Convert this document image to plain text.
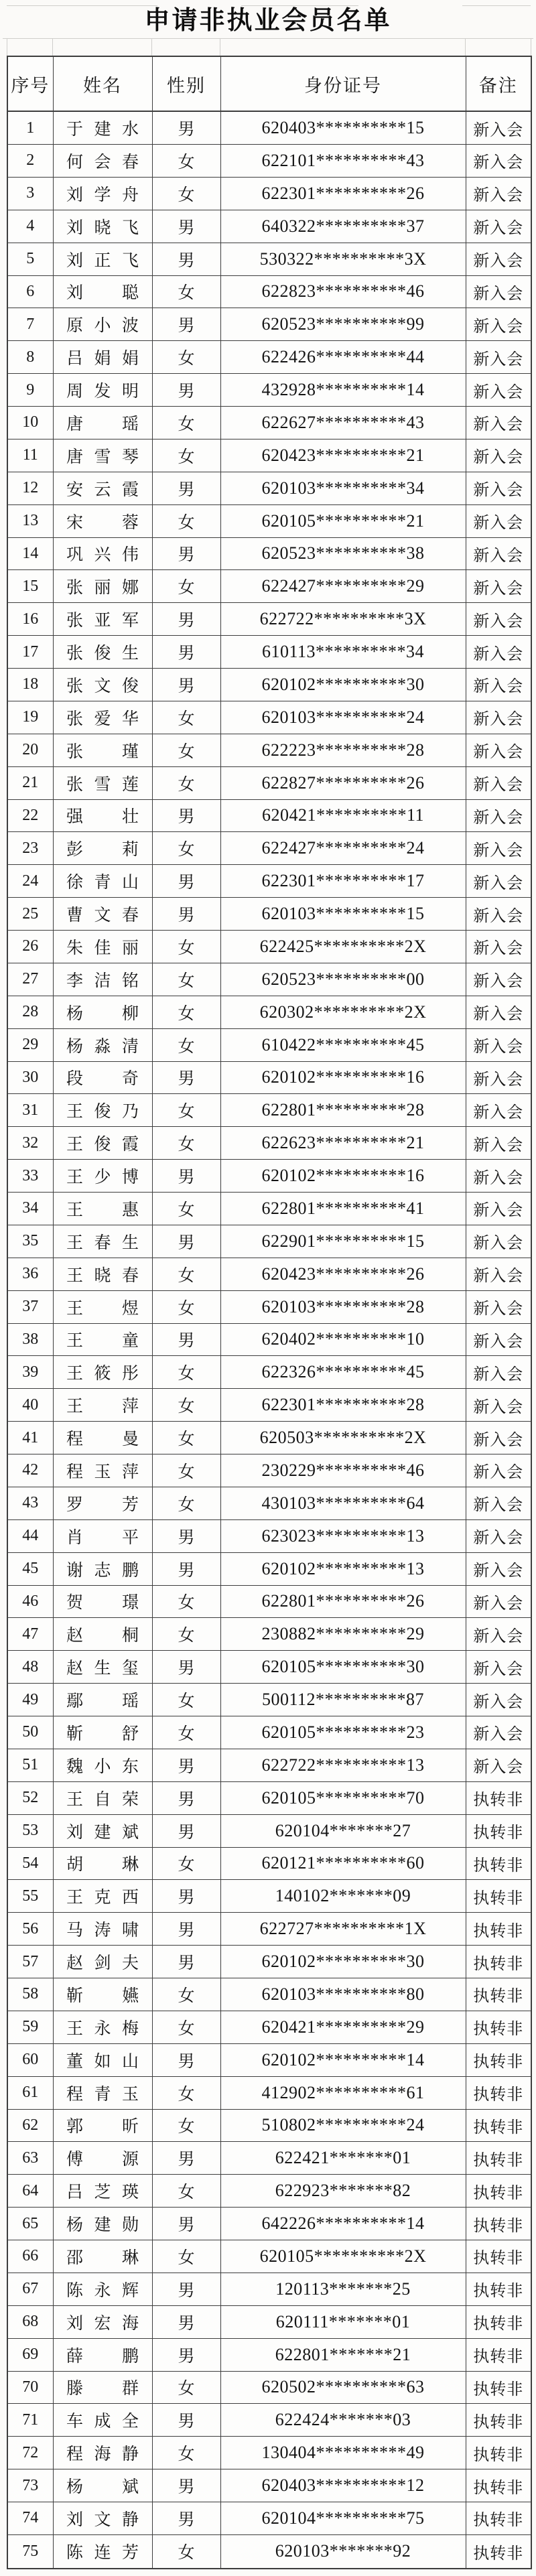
申请非执业会员名单
序号	姓名	性别	身份证号	备注
1	于建水	男	620403**********15	新入会
2	何会春	女	622101**********43	新入会
3	刘学舟	女	622301**********26	新入会
4	刘晓飞	男	640322**********37	新入会
5	刘正飞	男	530322**********3X	新入会
6	刘聪	女	622823**********46	新入会
7	原小波	男	620523**********99	新入会
8	吕娟娟	女	622426**********44	新入会
9	周发明	男	432928**********14	新入会
10	唐瑶	女	622627**********43	新入会
11	唐雪琴	女	620423**********21	新入会
12	安云霞	男	620103**********34	新入会
13	宋蓉	女	620105**********21	新入会
14	巩兴伟	男	620523**********38	新入会
15	张丽娜	女	622427**********29	新入会
16	张亚军	男	622722**********3X	新入会
17	张俊生	男	610113**********34	新入会
18	张文俊	男	620102**********30	新入会
19	张爱华	女	620103**********24	新入会
20	张瑾	女	622223**********28	新入会
21	张雪莲	女	622827**********26	新入会
22	强壮	男	620421**********11	新入会
23	彭莉	女	622427**********24	新入会
24	徐青山	男	622301**********17	新入会
25	曹文春	男	620103**********15	新入会
26	朱佳丽	女	622425**********2X	新入会
27	李洁铭	女	620523**********00	新入会
28	杨柳	女	620302**********2X	新入会
29	杨淼清	女	610422**********45	新入会
30	段奇	男	620102**********16	新入会
31	王俊乃	女	622801**********28	新入会
32	王俊霞	女	622623**********21	新入会
33	王少博	男	620102**********16	新入会
34	王惠	女	622801**********41	新入会
35	王春生	男	622901**********15	新入会
36	王晓春	女	620423**********26	新入会
37	王煜	女	620103**********28	新入会
38	王童	男	620402**********10	新入会
39	王筱彤	女	622326**********45	新入会
40	王萍	女	622301**********28	新入会
41	程曼	女	620503**********2X	新入会
42	程玉萍	女	230229**********46	新入会
43	罗芳	女	430103**********64	新入会
44	肖平	男	623023**********13	新入会
45	谢志鹏	男	620102**********13	新入会
46	贺璟	女	622801**********26	新入会
47	赵桐	女	230882**********29	新入会
48	赵生玺	男	620105**********30	新入会
49	鄢瑶	女	500112**********87	新入会
50	靳舒	女	620105**********23	新入会
51	魏小东	男	622722**********13	新入会
52	王自荣	男	620105**********70	执转非
53	刘建斌	男	620104*******27	执转非
54	胡琳	女	620121**********60	执转非
55	王克西	男	140102*******09	执转非
56	马涛啸	男	622727**********1X	执转非
57	赵剑夫	男	620102**********30	执转非
58	靳嬿	女	620103**********80	执转非
59	王永梅	女	620421**********29	执转非
60	董如山	男	620102**********14	执转非
61	程青玉	女	412902**********61	执转非
62	郭昕	女	510802**********24	执转非
63	傅源	男	622421*******01	执转非
64	吕芝瑛	女	622923*******82	执转非
65	杨建勋	男	642226**********14	执转非
66	邵琳	女	620105**********2X	执转非
67	陈永辉	男	120113*******25	执转非
68	刘宏海	男	620111*******01	执转非
69	薛鹏	男	622801*******21	执转非
70	滕群	女	620502**********63	执转非
71	车成全	男	622424*******03	执转非
72	程海静	女	130404**********49	执转非
73	杨斌	男	620403**********12	执转非
74	刘文静	男	620104**********75	执转非
75	陈连芳	女	620103*******92	执转非
